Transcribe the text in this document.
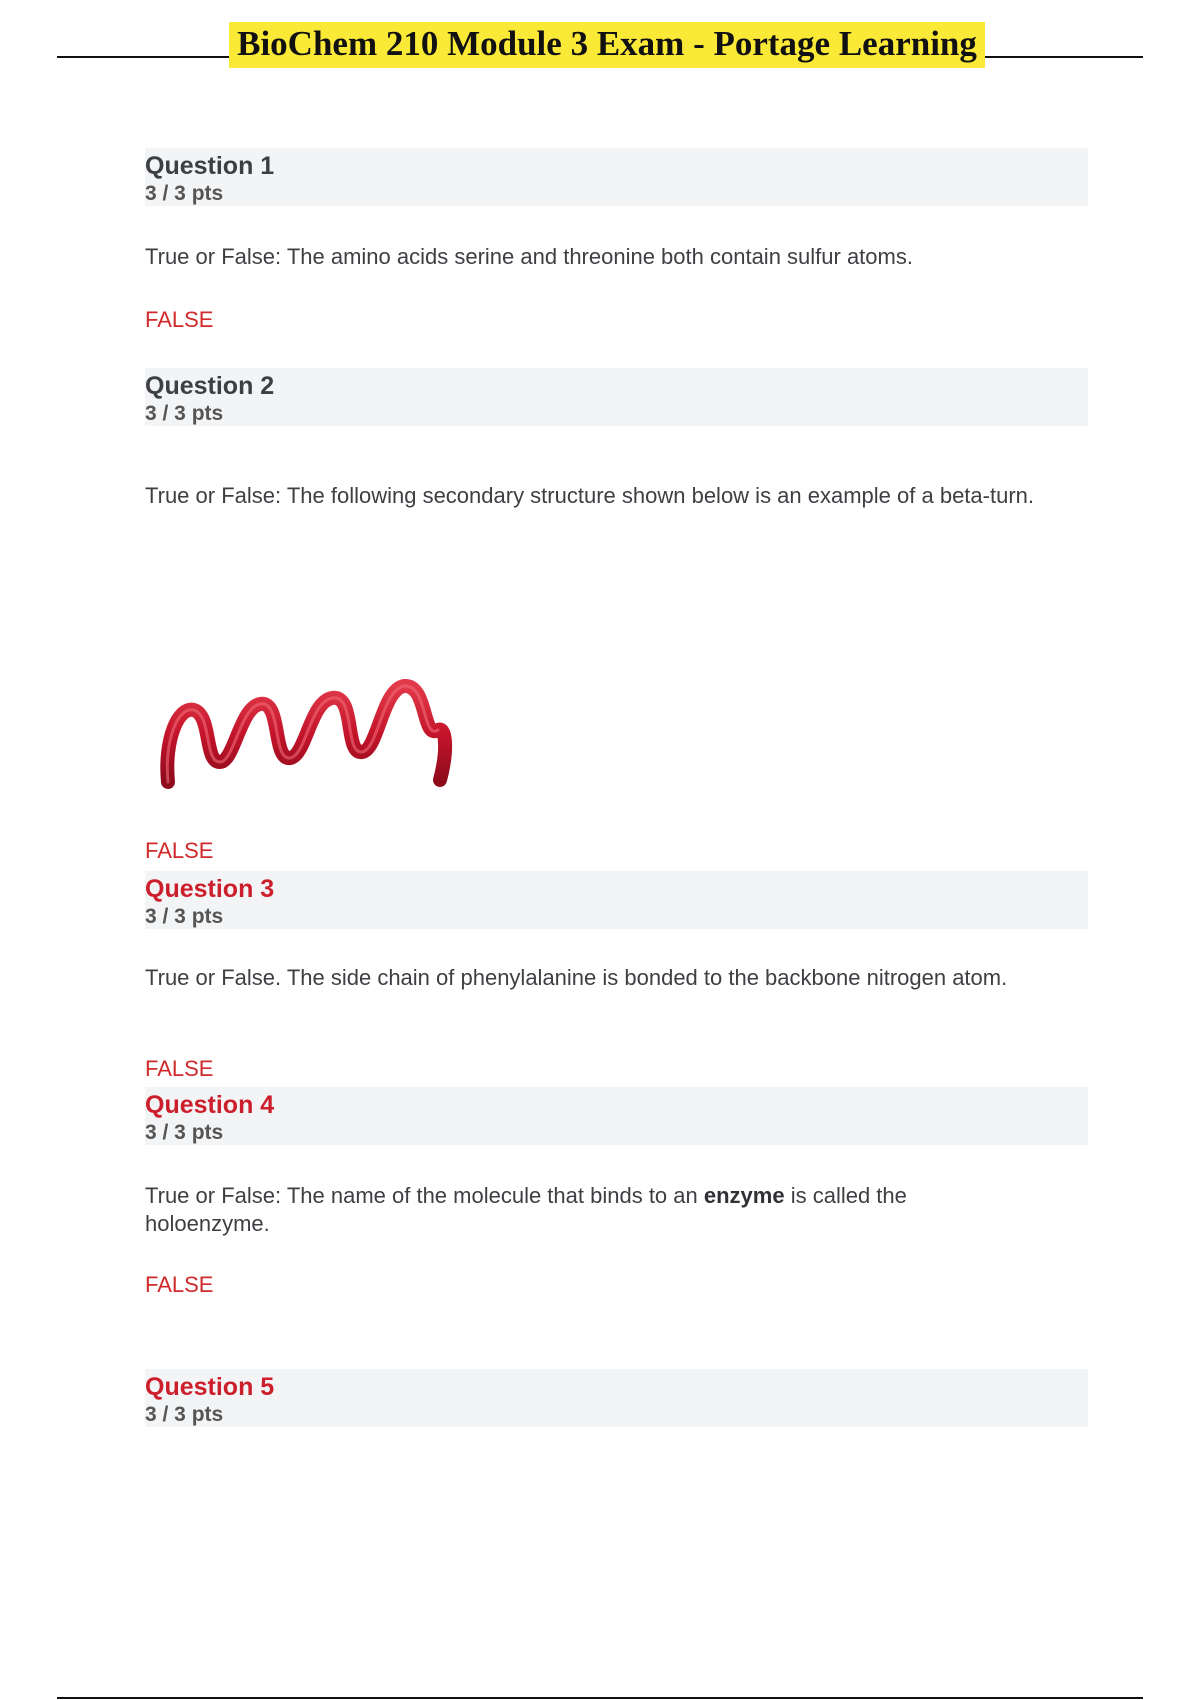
BioChem 210 Module 3 Exam - Portage Learning
Question 1
3 / 3 pts
True or False: The amino acids serine and threonine both contain sulfur atoms.
FALSE
Question 2
3 / 3 pts
True or False: The following secondary structure shown below is an example of a beta-turn.
FALSE
Question 3
3 / 3 pts
True or False. The side chain of phenylalanine is bonded to the backbone nitrogen atom.
FALSE
Question 4
3 / 3 pts
True or False: The name of the molecule that binds to an enzyme is called the holoenzyme.
FALSE
Question 5
3 / 3 pts
